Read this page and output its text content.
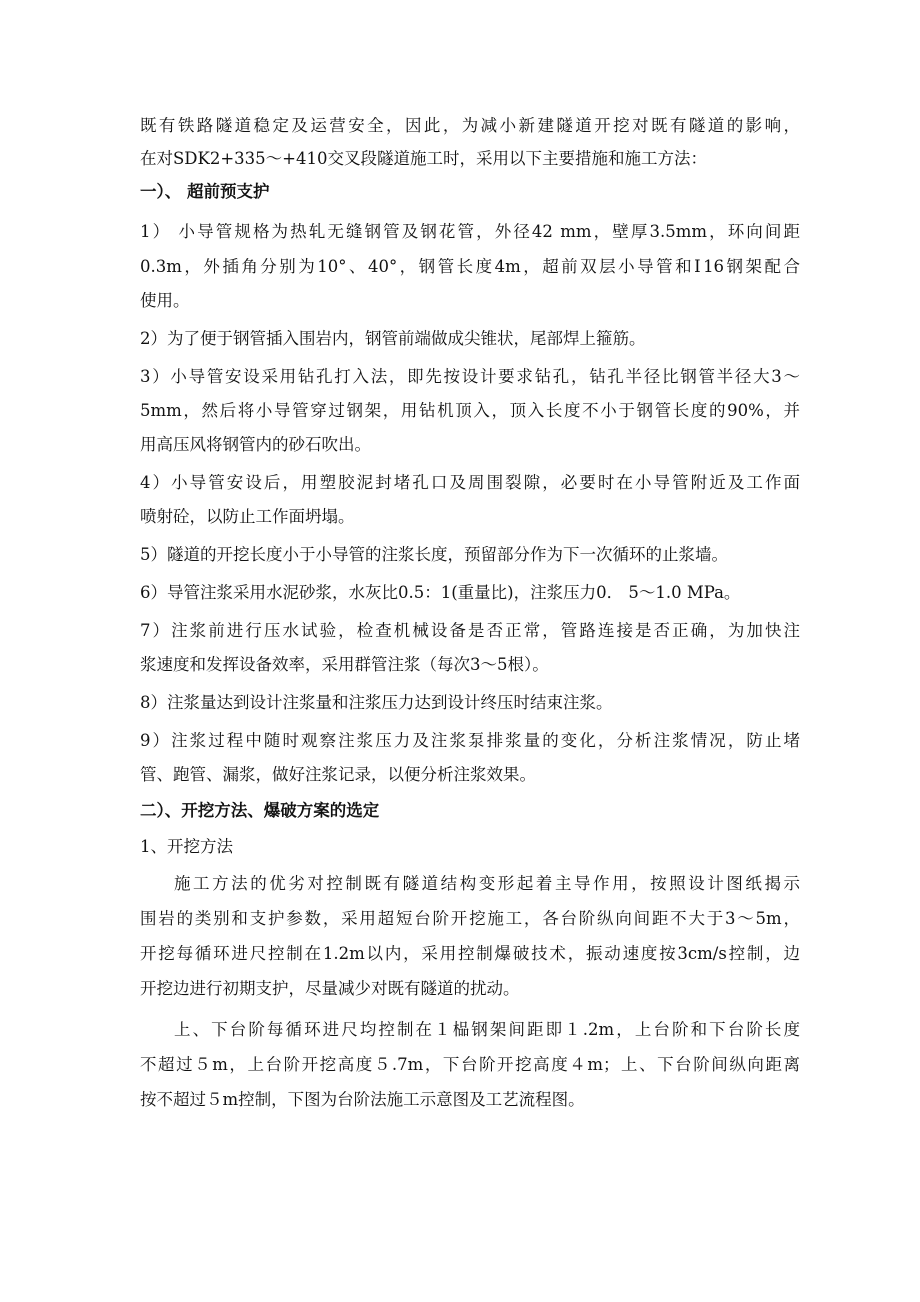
既有铁路隧道稳定及运营安全，因此，为减小新建隧道开挖对既有隧道的影响，
在对SDK2+335～+410交叉段隧道施工时，采用以下主要措施和施工方法：
一）、 超前预支护
1） 小导管规格为热轧无缝钢管及钢花管，外径42 mm，壁厚3.5mm，环向间距
0.3m，外插角分别为10°、40°，钢管长度4m，超前双层小导管和Ⅰ16钢架配合
使用。
2）为了便于钢管插入围岩内，钢管前端做成尖锥状，尾部焊上箍筋。
3）小导管安设采用钻孔打入法，即先按设计要求钻孔，钻孔半径比钢管半径大3～
5mm，然后将小导管穿过钢架，用钻机顶入，顶入长度不小于钢管长度的90%，并
用高压风将钢管内的砂石吹出。
4）小导管安设后，用塑胶泥封堵孔口及周围裂隙，必要时在小导管附近及工作面
喷射砼，以防止工作面坍塌。
5）隧道的开挖长度小于小导管的注浆长度，预留部分作为下一次循环的止浆墙。
6）导管注浆采用水泥砂浆，水灰比0.5：1(重量比)，注浆压力0． 5～1.0 MPa。
7）注浆前进行压水试验，检查机械设备是否正常，管路连接是否正确，为加快注
浆速度和发挥设备效率，采用群管注浆（每次3～5根）。
8）注浆量达到设计注浆量和注浆压力达到设计终压时结束注浆。
9）注浆过程中随时观察注浆压力及注浆泵排浆量的变化，分析注浆情况，防止堵
管、跑管、漏浆，做好注浆记录，以便分析注浆效果。
二）、开挖方法、爆破方案的选定
1、开挖方法
施工方法的优劣对控制既有隧道结构变形起着主导作用，按照设计图纸揭示
围岩的类别和支护参数，采用超短台阶开挖施工，各台阶纵向间距不大于3～5m，
开挖每循环进尺控制在1.2m以内，采用控制爆破技术，振动速度按3cm/s控制，边
开挖边进行初期支护，尽量减少对既有隧道的扰动。
上、下台阶每循环进尺均控制在１榀钢架间距即１.2m，上台阶和下台阶长度
不超过５m，上台阶开挖高度５.7m，下台阶开挖高度４m；上、下台阶间纵向距离
按不超过５m控制，下图为台阶法施工示意图及工艺流程图。
